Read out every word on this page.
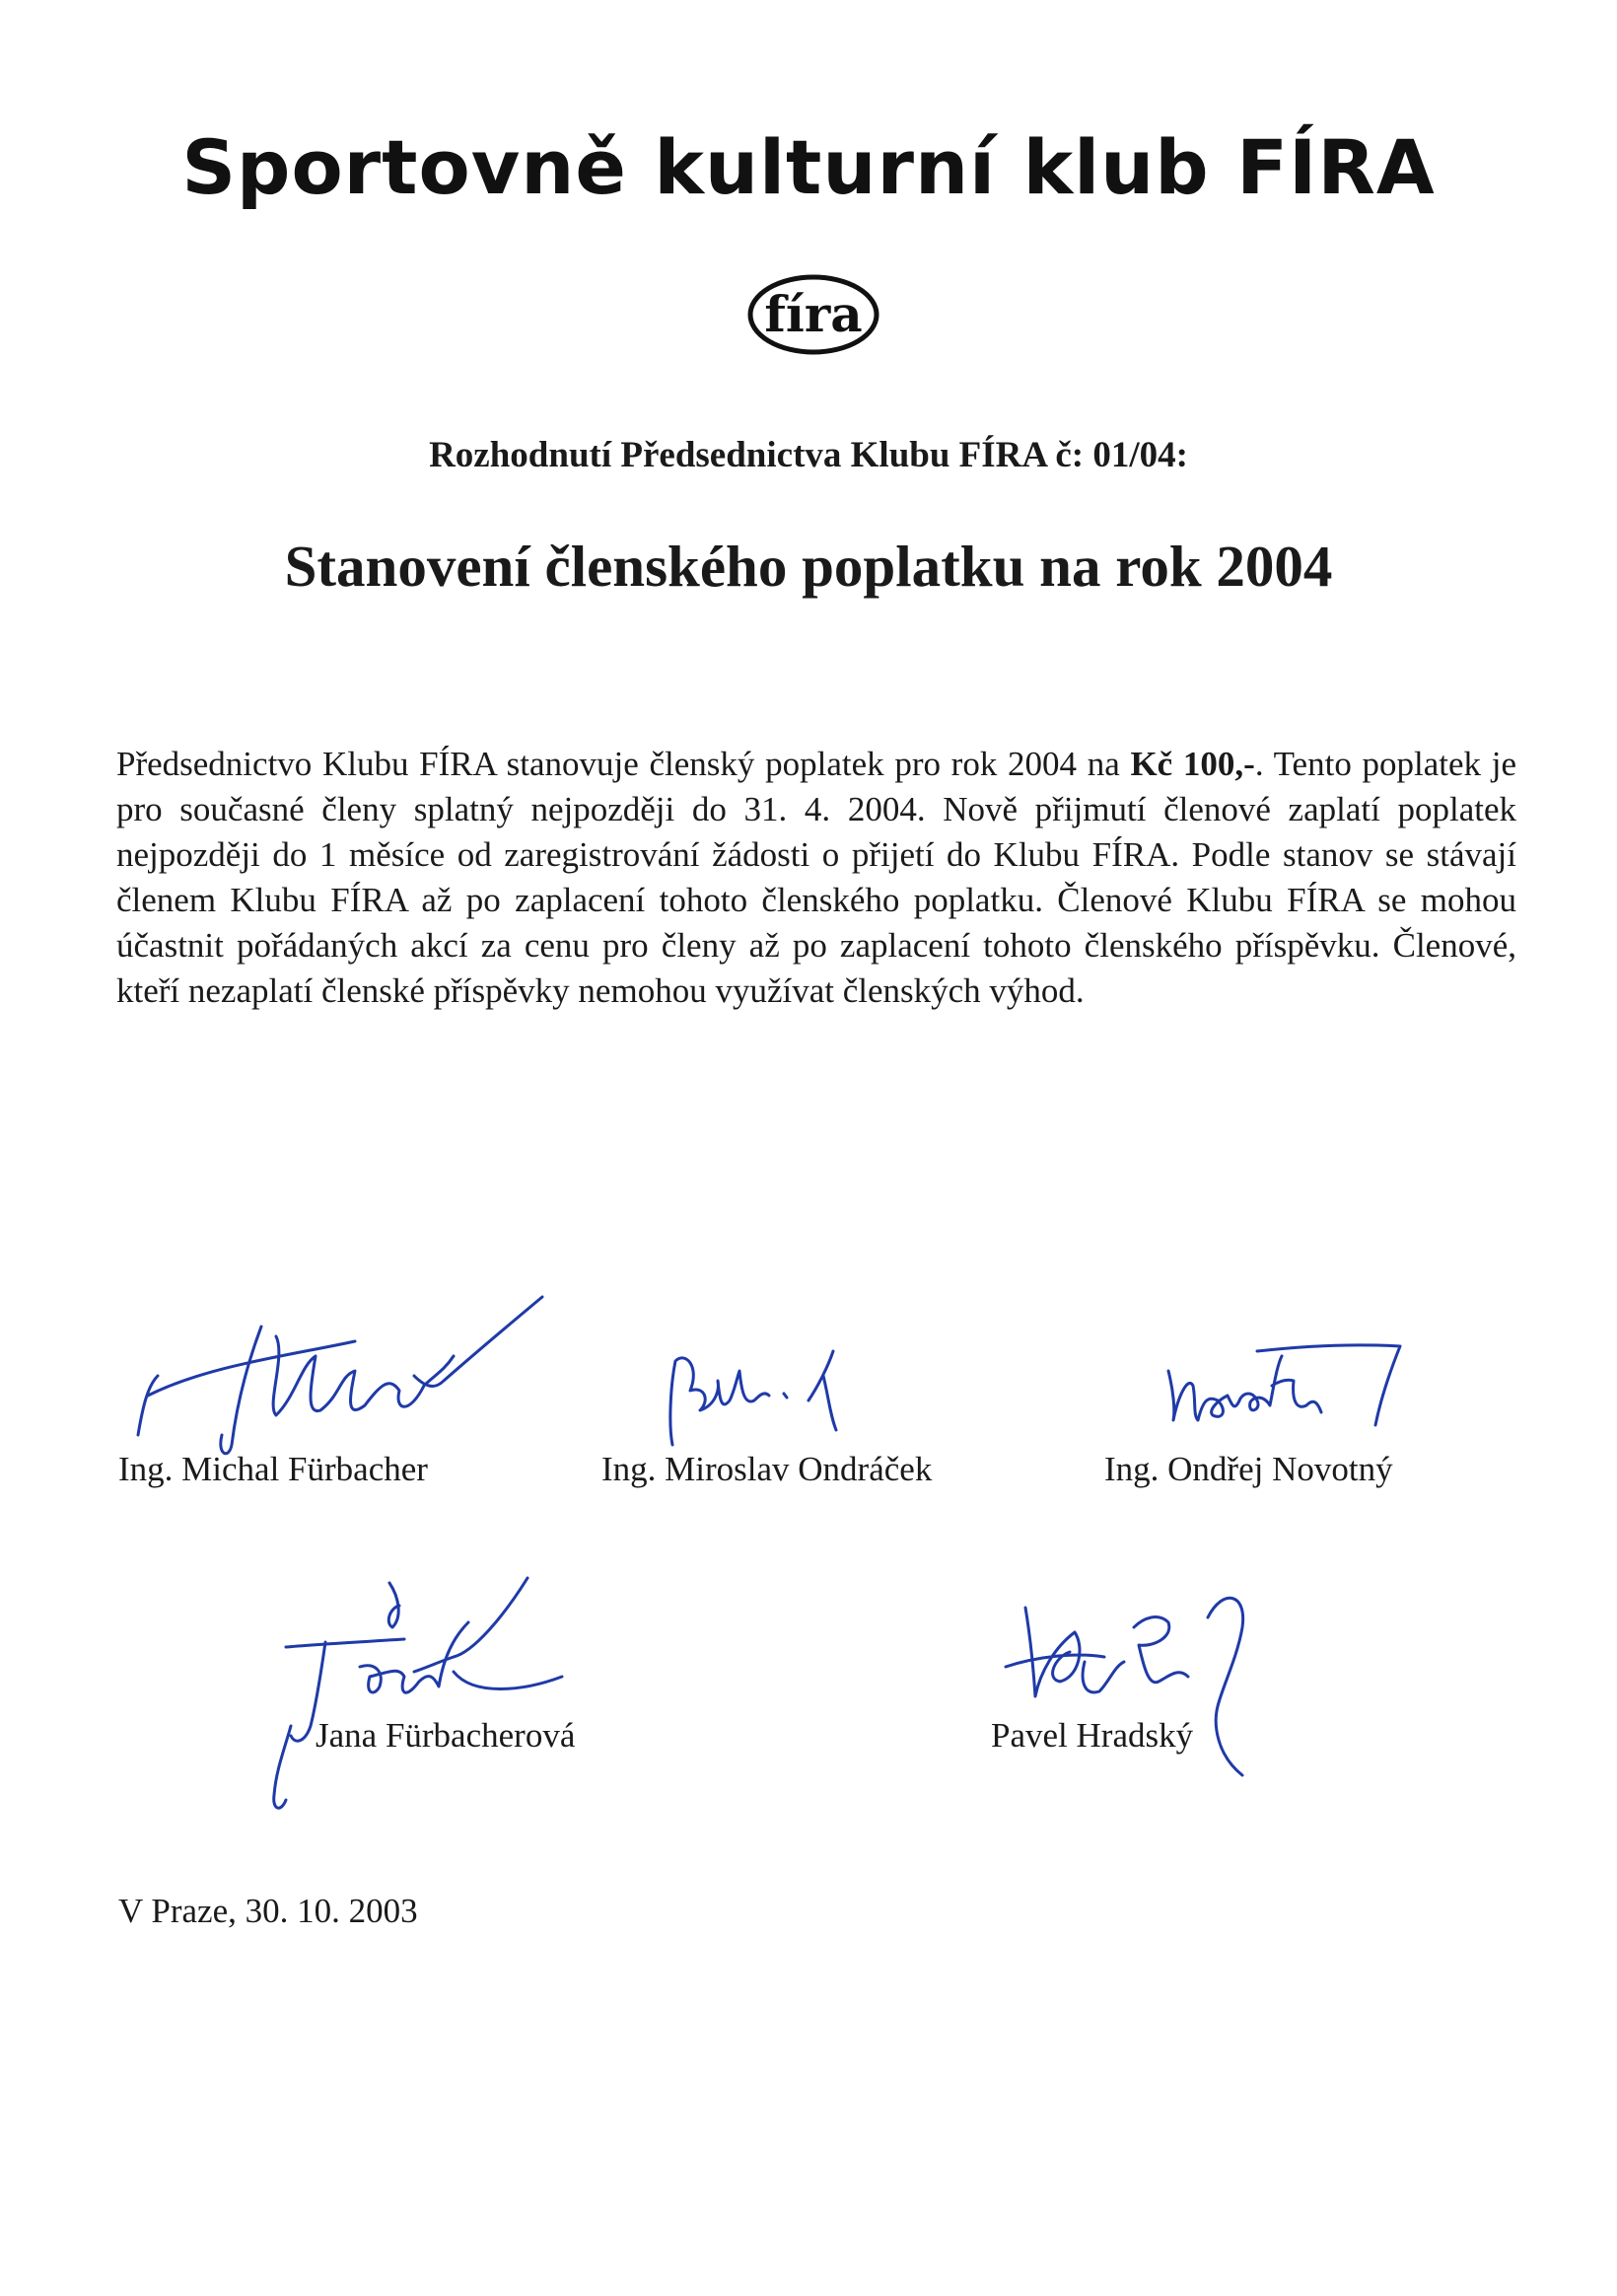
Sportovně kulturní klub FÍRA
fíra
Rozhodnutí Předsednictva Klubu FÍRA č: 01/04:
Stanovení členského poplatku na rok 2004
Předsednictvo Klubu FÍRA stanovuje členský poplatek pro rok 2004 na Kč 100,-. Tento poplatek je pro současné členy splatný nejpozději do 31. 4. 2004. Nově přijmutí členové zaplatí poplatek nejpozději do 1 měsíce od zaregistrování žádosti o přijetí do Klubu FÍRA. Podle stanov se stávají členem Klubu FÍRA až po zaplacení tohoto členského poplatku. Členové Klubu FÍRA se mohou účastnit pořádaných akcí za cenu pro členy až po zaplacení tohoto členského příspěvku. Členové, kteří nezaplatí členské příspěvky nemohou využívat členských výhod.
Ing. Michal Fürbacher	Ing. Miroslav Ondráček	Ing. Ondřej Novotný
Jana Fürbacherová	Pavel Hradský
V Praze, 30. 10. 2003
